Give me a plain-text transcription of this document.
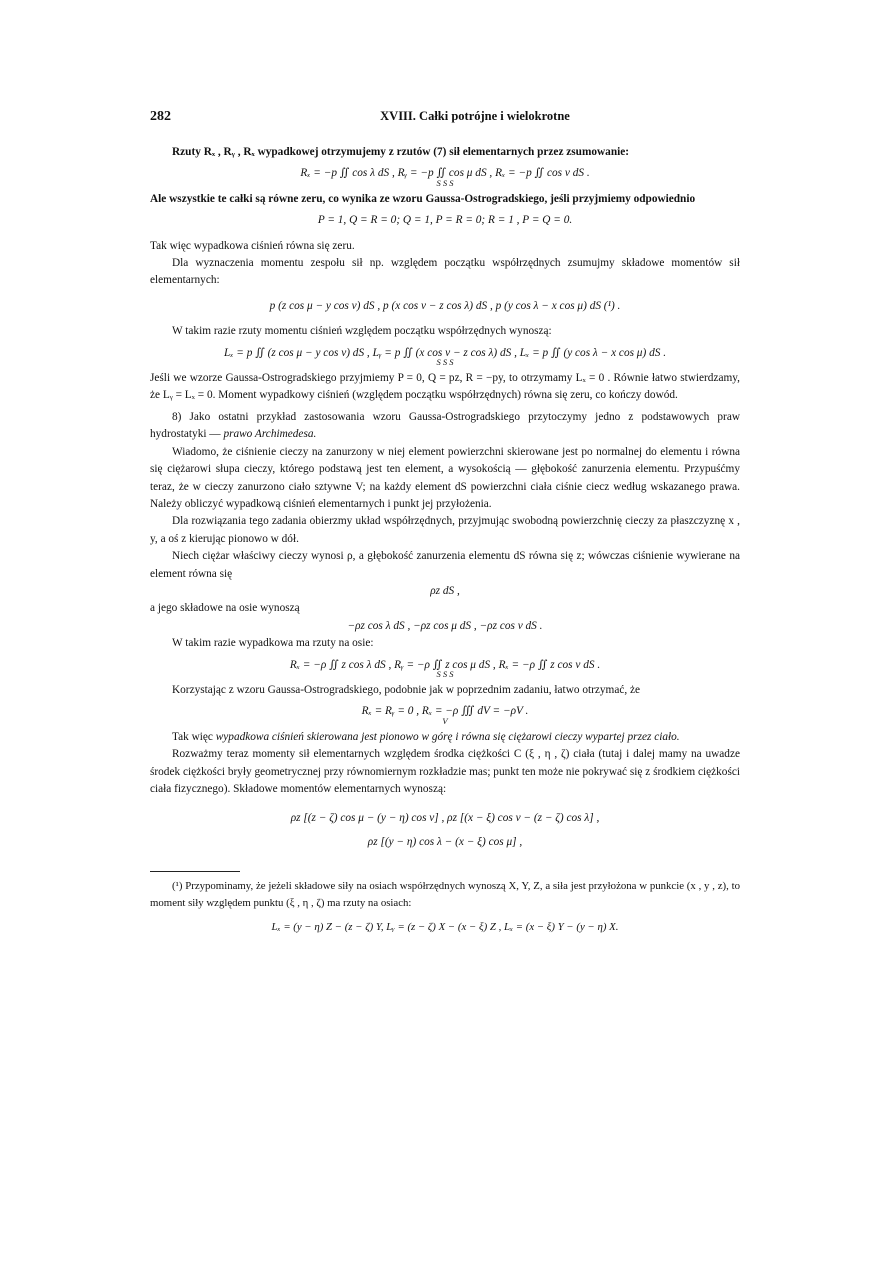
282	XVIII. Całki potrójne i wielokrotne

Rzuty Rₓ , Rᵧ , Rₓ wypadkowej otrzymujemy z rzutów (7) sił elementarnych przez zsumowanie:

Rₓ = −p ∬ cos λ dS , Rᵧ = −p ∬ cos μ dS , Rₓ = −p ∬ cos ν dS .

S S S

Ale wszystkie te całki są równe zeru, co wynika ze wzoru Gaussa-Ostrogradskiego, jeśli przyjmiemy odpowiednio

P = 1, Q = R = 0; Q = 1, P = R = 0; R = 1 , P = Q = 0.

Tak więc wypadkowa ciśnień równa się zeru.

Dla wyznaczenia momentu zespołu sił np. względem początku współrzędnych zsumujmy składowe momentów sił elementarnych:

p (z cos μ − y cos ν) dS , p (x cos ν − z cos λ) dS , p (y cos λ − x cos μ) dS (¹) .

W takim razie rzuty momentu ciśnień względem początku współrzędnych wynoszą:

Lₓ = p ∬ (z cos μ − y cos ν) dS , Lᵧ = p ∬ (x cos ν − z cos λ) dS , Lₓ = p ∬ (y cos λ − x cos μ) dS .

S S S

Jeśli we wzorze Gaussa-Ostrogradskiego przyjmiemy P = 0, Q = pz, R = −py, to otrzymamy Lₓ = 0 . Równie łatwo stwierdzamy, że Lᵧ = Lₓ = 0. Moment wypadkowy ciśnień (względem początku współrzędnych) równa się zeru, co kończy dowód.

8) Jako ostatni przykład zastosowania wzoru Gaussa-Ostrogradskiego przytoczymy jedno z podstawowych praw hydrostatyki — prawo Archimedesa.

Wiadomo, że ciśnienie cieczy na zanurzony w niej element powierzchni skierowane jest po normalnej do elementu i równa się ciężarowi słupa cieczy, którego podstawą jest ten element, a wysokością — głębokość zanurzenia elementu. Przypuśćmy teraz, że w cieczy zanurzono ciało sztywne V; na każdy element dS powierzchni ciała ciśnie ciecz według wskazanego prawa. Należy obliczyć wypadkową ciśnień elementarnych i punkt jej przyłożenia.

Dla rozwiązania tego zadania obierzmy układ współrzędnych, przyjmując swobodną powierzchnię cieczy za płaszczyznę x , y, a oś z kierując pionowo w dół.

Niech ciężar właściwy cieczy wynosi ρ, a głębokość zanurzenia elementu dS równa się z; wówczas ciśnienie wywierane na element równa się

ρz dS ,

a jego składowe na osie wynoszą

−ρz cos λ dS , −ρz cos μ dS , −ρz cos ν dS .

W takim razie wypadkowa ma rzuty na osie:

Rₓ = −ρ ∬ z cos λ dS , Rᵧ = −ρ ∬ z cos μ dS , Rₓ = −ρ ∬ z cos ν dS .

S S S

Korzystając z wzoru Gaussa-Ostrogradskiego, podobnie jak w poprzednim zadaniu, łatwo otrzymać, że

Rₓ = Rᵧ = 0 , Rₓ = −ρ ∭ dV = −ρV .

V

Tak więc wypadkowa ciśnień skierowana jest pionowo w górę i równa się ciężarowi cieczy wypartej przez ciało.

Rozważmy teraz momenty sił elementarnych względem środka ciężkości C (ξ , η , ζ) ciała (tutaj i dalej mamy na uwadze środek ciężkości bryły geometrycznej przy równomiernym rozkładzie mas; punkt ten może nie pokrywać się z środkiem ciężkości ciała fizycznego). Składowe momentów elementarnych wynoszą:

ρz [(z − ζ) cos μ − (y − η) cos ν] , ρz [(x − ξ) cos ν − (z − ζ) cos λ] ,

ρz [(y − η) cos λ − (x − ξ) cos μ] ,

(¹) Przypominamy, że jeżeli składowe siły na osiach współrzędnych wynoszą X, Y, Z, a siła jest przyłożona w punkcie (x , y , z), to moment siły względem punktu (ξ , η , ζ) ma rzuty na osiach:

Lₓ = (y − η) Z − (z − ζ) Y, Lᵧ = (z − ζ) X − (x − ξ) Z , Lₓ = (x − ξ) Y − (y − η) X.
